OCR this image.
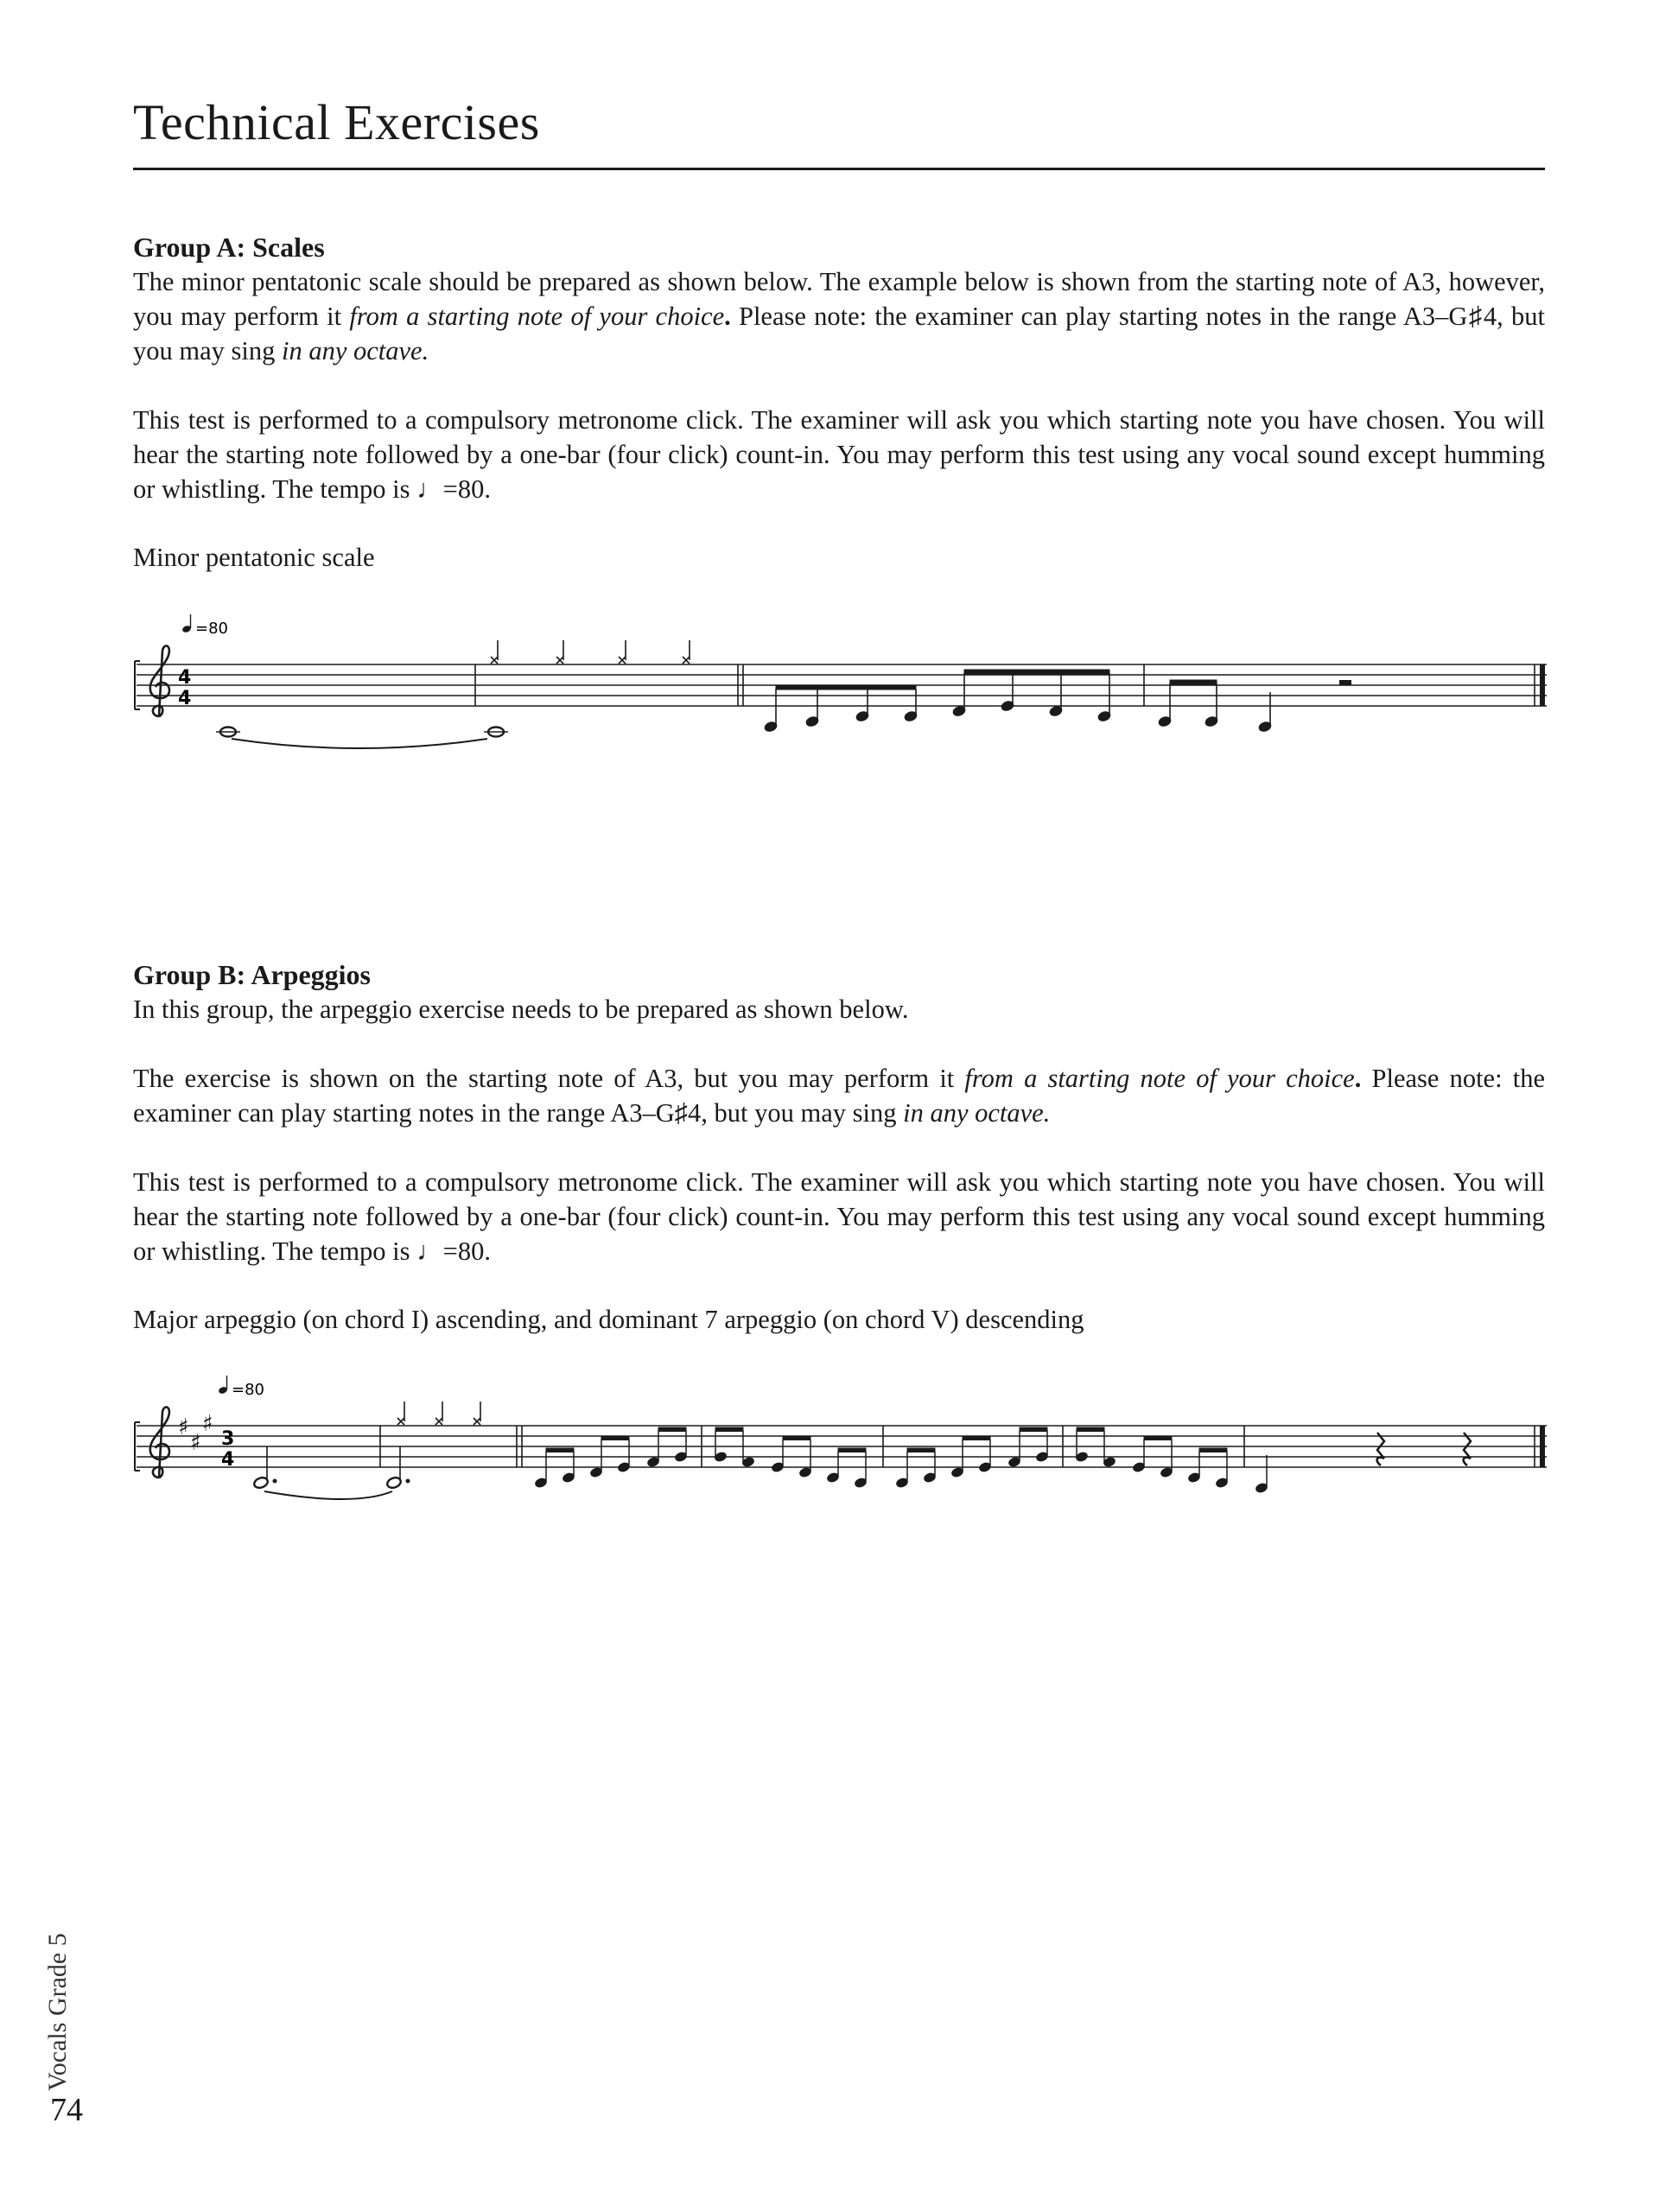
Technical Exercises
Group A: Scales

The minor pentatonic scale should be prepared as shown below. The example below is shown from the starting note of A3, however, you may perform it from a starting note of your choice. Please note: the examiner can play starting notes in the range A3–G♯4, but you may sing in any octave.

This test is performed to a compulsory metronome click. The examiner will ask you which starting note you have chosen. You will hear the starting note followed by a one-bar (four click) count-in. You may perform this test using any vocal sound except humming or whistling. The tempo is ♩=80.

Minor pentatonic scale
4
4
=80
Group B: Arpeggios

In this group, the arpeggio exercise needs to be prepared as shown below.

The exercise is shown on the starting note of A3, but you may perform it from a starting note of your choice. Please note: the examiner can play starting notes in the range A3–G♯4, but you may sing in any octave.

This test is performed to a compulsory metronome click. The examiner will ask you which starting note you have chosen. You will hear the starting note followed by a one-bar (four click) count-in. You may perform this test using any vocal sound except humming or whistling. The tempo is ♩=80.

Major arpeggio (on chord I) ascending, and dominant 7 arpeggio (on chord V) descending
♯
♯
♯
3
4
=80
Vocals Grade 5
74
